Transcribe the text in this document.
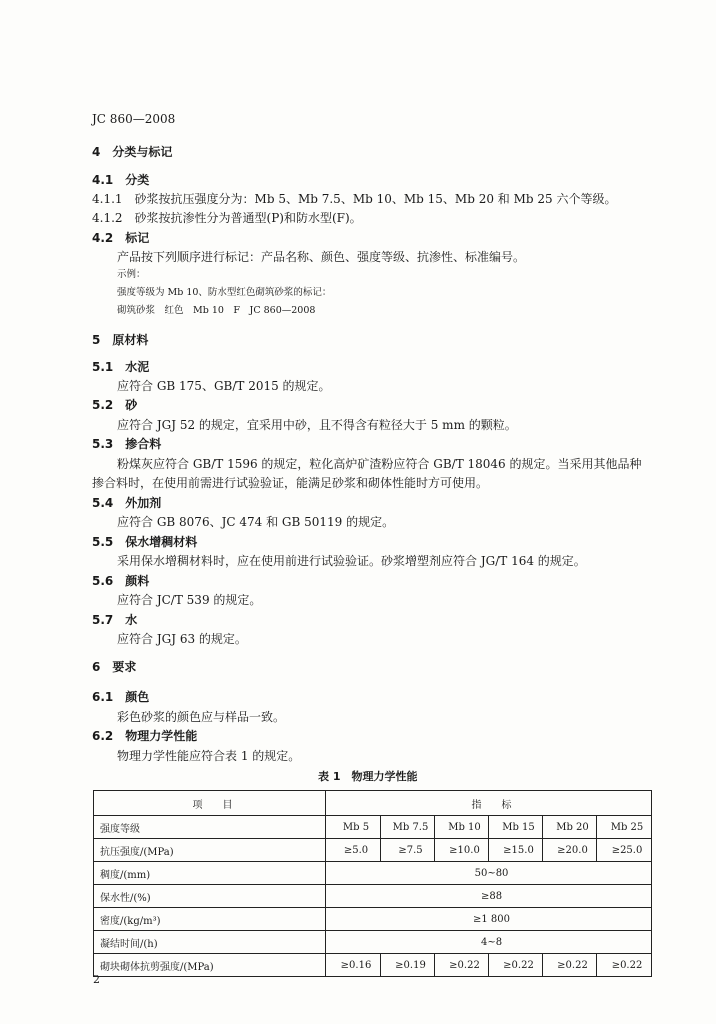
JC 860—2008
4　分类与标记
4.1　分类
4.1.1　砂浆按抗压强度分为：Mb 5、Mb 7.5、Mb 10、Mb 15、Mb 20 和 Mb 25 六个等级。
4.1.2　砂浆按抗渗性分为普通型(P)和防水型(F)。
4.2　标记
产品按下列顺序进行标记：产品名称、颜色、强度等级、抗渗性、标准编号。
示例：
强度等级为 Mb 10、防水型红色砌筑砂浆的标记：
砌筑砂浆　红色　Mb 10　F　JC 860—2008
5　原材料
5.1　水泥
应符合 GB 175、GB/T 2015 的规定。
5.2　砂
应符合 JGJ 52 的规定，宜采用中砂，且不得含有粒径大于 5 mm 的颗粒。
5.3　掺合料
粉煤灰应符合 GB/T 1596 的规定，粒化高炉矿渣粉应符合 GB/T 18046 的规定。当采用其他品种
掺合料时，在使用前需进行试验验证，能满足砂浆和砌体性能时方可使用。
5.4　外加剂
应符合 GB 8076、JC 474 和 GB 50119 的规定。
5.5　保水增稠材料
采用保水增稠材料时，应在使用前进行试验验证。砂浆增塑剂应符合 JG/T 164 的规定。
5.6　颜料
应符合 JC/T 539 的规定。
5.7　水
应符合 JGJ 63 的规定。
6　要求
6.1　颜色
彩色砂浆的颜色应与样品一致。
6.2　物理力学性能
物理力学性能应符合表 1 的规定。
表 1　物理力学性能
项　　目	指　　标					
强度等级	Mb 5	Mb 7.5	Mb 10	Mb 15	Mb 20	Mb 25
抗压强度/(MPa)	≥5.0	≥7.5	≥10.0	≥15.0	≥20.0	≥25.0
稠度/(mm)	50~80					
保水性/(%)	≥88					
密度/(kg/m³)	≥1 800					
凝结时间/(h)	4~8					
砌块砌体抗剪强度/(MPa)	≥0.16	≥0.19	≥0.22	≥0.22	≥0.22	≥0.22
2
